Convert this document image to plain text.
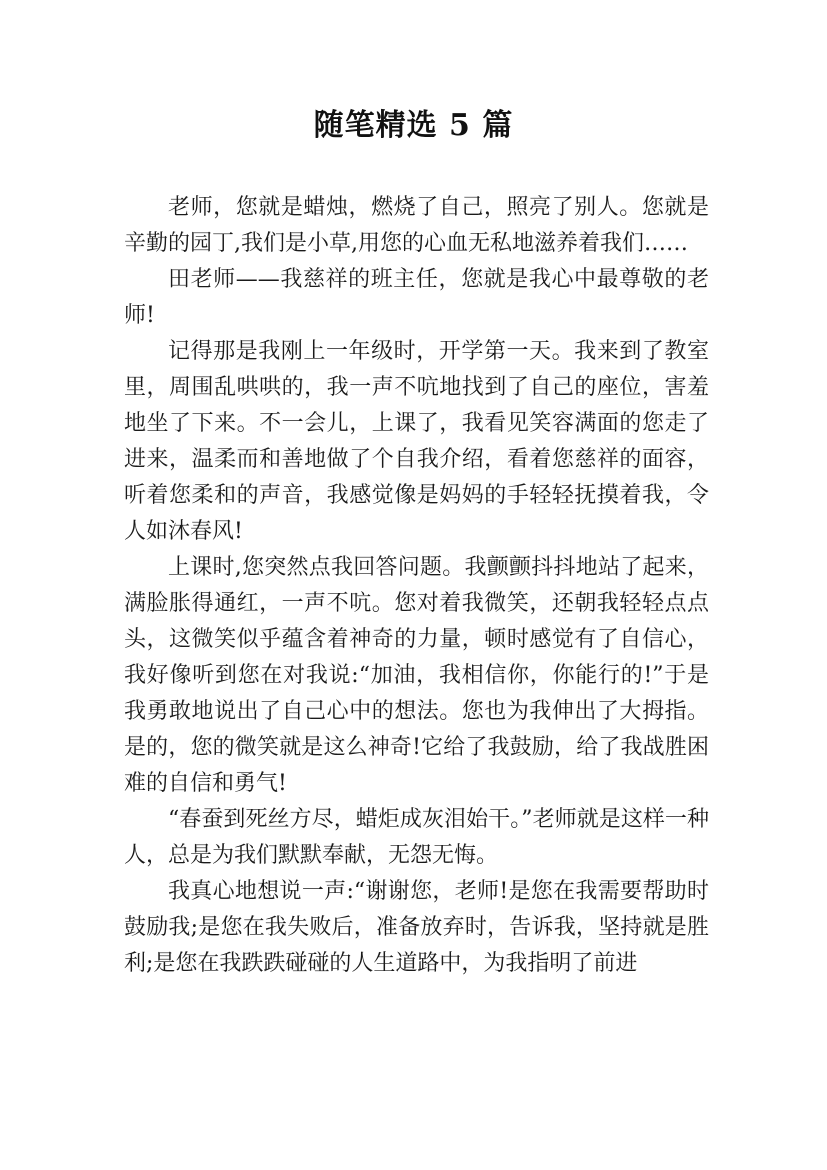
随笔精选 5 篇

老师，您就是蜡烛，燃烧了自己，照亮了别人。您就是辛勤的园丁,我们是小草,用您的心血无私地滋养着我们……

田老师——我慈祥的班主任，您就是我心中最尊敬的老师!

记得那是我刚上一年级时，开学第一天。我来到了教室里，周围乱哄哄的，我一声不吭地找到了自己的座位，害羞地坐了下来。不一会儿，上课了，我看见笑容满面的您走了进来，温柔而和善地做了个自我介绍，看着您慈祥的面容，听着您柔和的声音，我感觉像是妈妈的手轻轻抚摸着我，令人如沐春风!

上课时,您突然点我回答问题。我颤颤抖抖地站了起来，满脸胀得通红，一声不吭。您对着我微笑，还朝我轻轻点点头，这微笑似乎蕴含着神奇的力量，顿时感觉有了自信心，我好像听到您在对我说:“加油，我相信你，你能行的!”于是我勇敢地说出了自己心中的想法。您也为我伸出了大拇指。是的，您的微笑就是这么神奇!它给了我鼓励，给了我战胜困难的自信和勇气!

“春蚕到死丝方尽，蜡炬成灰泪始干。”老师就是这样一种人，总是为我们默默奉献，无怨无悔。

我真心地想说一声:“谢谢您，老师!是您在我需要帮助时鼓励我;是您在我失败后，准备放弃时，告诉我，坚持就是胜利;是您在我跌跌碰碰的人生道路中，为我指明了前进
